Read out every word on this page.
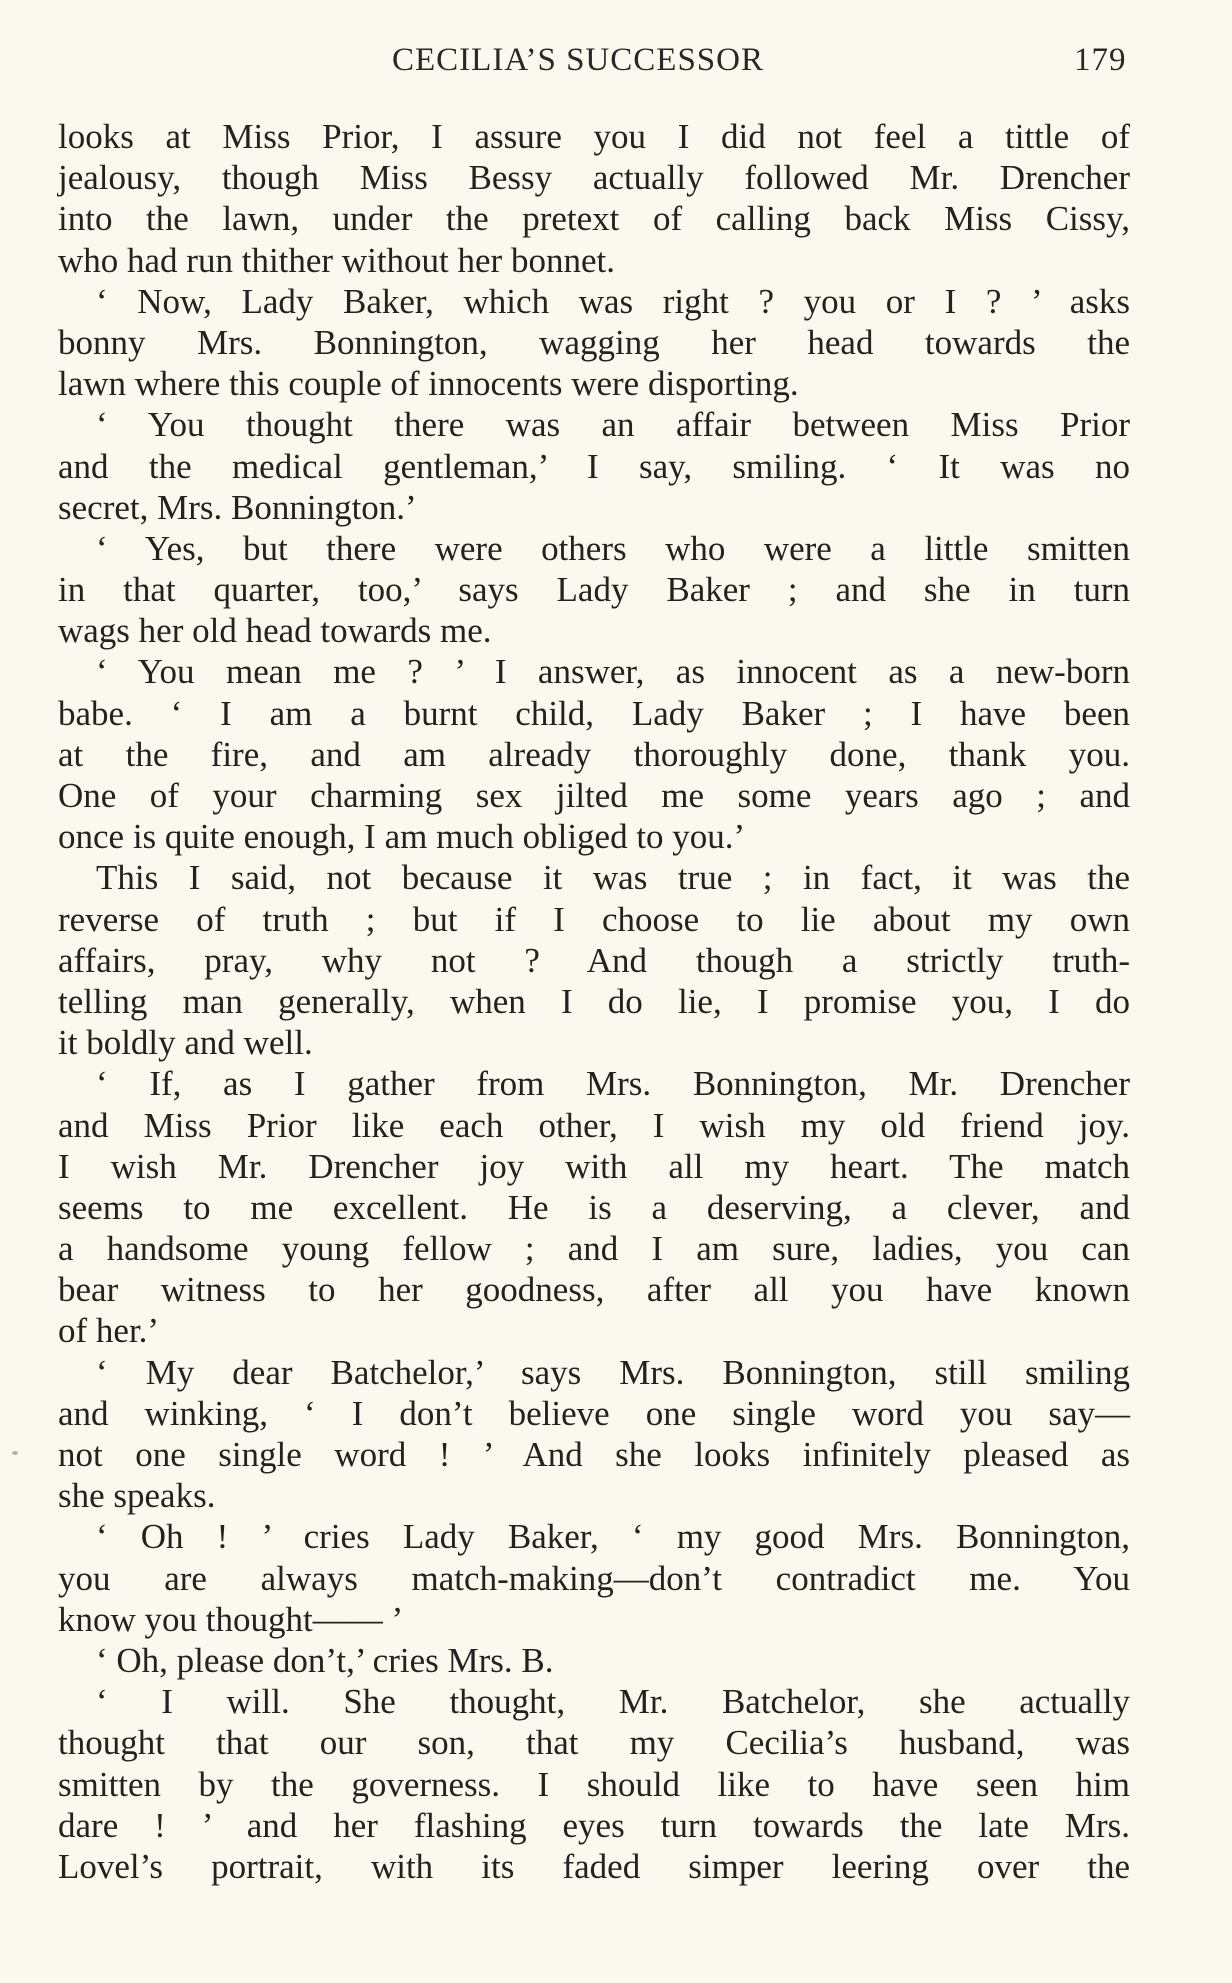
CECILIA’S SUCCESSOR	179
looks at Miss Prior, I assure you I did not feel a tittle of
jealousy, though Miss Bessy actually followed Mr. Drencher
into the lawn, under the pretext of calling back Miss Cissy,
who had run thither without her bonnet.
‘ Now, Lady Baker, which was right ? you or I ? ’ asks
bonny Mrs. Bonnington, wagging her head towards the
lawn where this couple of innocents were disporting.
‘ You thought there was an affair between Miss Prior
and the medical gentleman,’ I say, smiling. ‘ It was no
secret, Mrs. Bonnington.’
‘ Yes, but there were others who were a little smitten
in that quarter, too,’ says Lady Baker ; and she in turn
wags her old head towards me.
‘ You mean me ? ’ I answer, as innocent as a new-born
babe. ‘ I am a burnt child, Lady Baker ; I have been
at the fire, and am already thoroughly done, thank you.
One of your charming sex jilted me some years ago ; and
once is quite enough, I am much obliged to you.’
This I said, not because it was true ; in fact, it was the
reverse of truth ; but if I choose to lie about my own
affairs, pray, why not ? And though a strictly truth-
telling man generally, when I do lie, I promise you, I do
it boldly and well.
‘ If, as I gather from Mrs. Bonnington, Mr. Drencher
and Miss Prior like each other, I wish my old friend joy.
I wish Mr. Drencher joy with all my heart. The match
seems to me excellent. He is a deserving, a clever, and
a handsome young fellow ; and I am sure, ladies, you can
bear witness to her goodness, after all you have known
of her.’
‘ My dear Batchelor,’ says Mrs. Bonnington, still smiling
and winking, ‘ I don’t believe one single word you say—
not one single word ! ’ And she looks infinitely pleased as
she speaks.
‘ Oh ! ’ cries Lady Baker, ‘ my good Mrs. Bonnington,
you are always match-making—don’t contradict me. You
know you thought—— ’
‘ Oh, please don’t,’ cries Mrs. B.
‘ I will. She thought, Mr. Batchelor, she actually
thought that our son, that my Cecilia’s husband, was
smitten by the governess. I should like to have seen him
dare ! ’ and her flashing eyes turn towards the late Mrs.
Lovel’s portrait, with its faded simper leering over the
